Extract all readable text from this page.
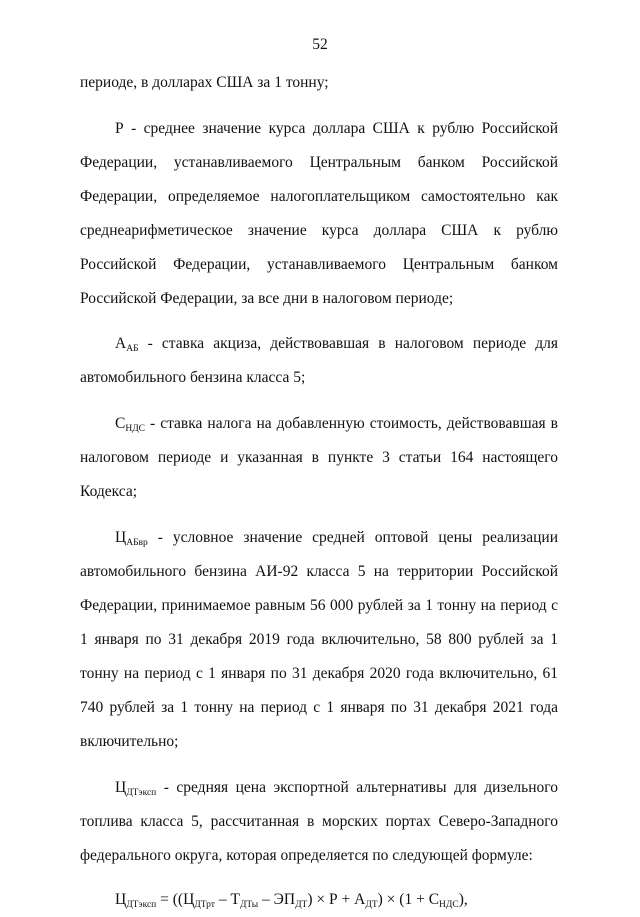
52

периоде, в долларах США за 1 тонну;

Р - среднее значение курса доллара США к рублю Российской Федерации, устанавливаемого Центральным банком Российской Федерации, определяемое налогоплательщиком самостоятельно как среднеарифметическое значение курса доллара США к рублю Российской Федерации, устанавливаемого Центральным банком Российской Федерации, за все дни в налоговом периоде;

$А_{АБ}$ - ставка акциза, действовавшая в налоговом периоде для автомобильного бензина класса 5;

$С_{НДС}$ - ставка налога на добавленную стоимость, действовавшая в налоговом периоде и указанная в пункте 3 статьи 164 настоящего Кодекса;

$Ц_{АБвр}$ - условное значение средней оптовой цены реализации автомобильного бензина АИ-92 класса 5 на территории Российской Федерации, принимаемое равным 56 000 рублей за 1 тонну на период с 1 января по 31 декабря 2019 года включительно, 58 800 рублей за 1 тонну на период с 1 января по 31 декабря 2020 года включительно, 61 740 рублей за 1 тонну на период с 1 января по 31 декабря 2021 года включительно;

$Ц_{ДТэксп}$ - средняя цена экспортной альтернативы для дизельного топлива класса 5, рассчитанная в морских портах Северо-Западного федерального округа, которая определяется по следующей формуле:

$Ц_{ДТэксп} = ((Ц_{ДТрт} - Т_{ДТы} - ЭП_{ДТ}) \times Р + А_{ДТ}) \times (1 + С_{НДС})$,
